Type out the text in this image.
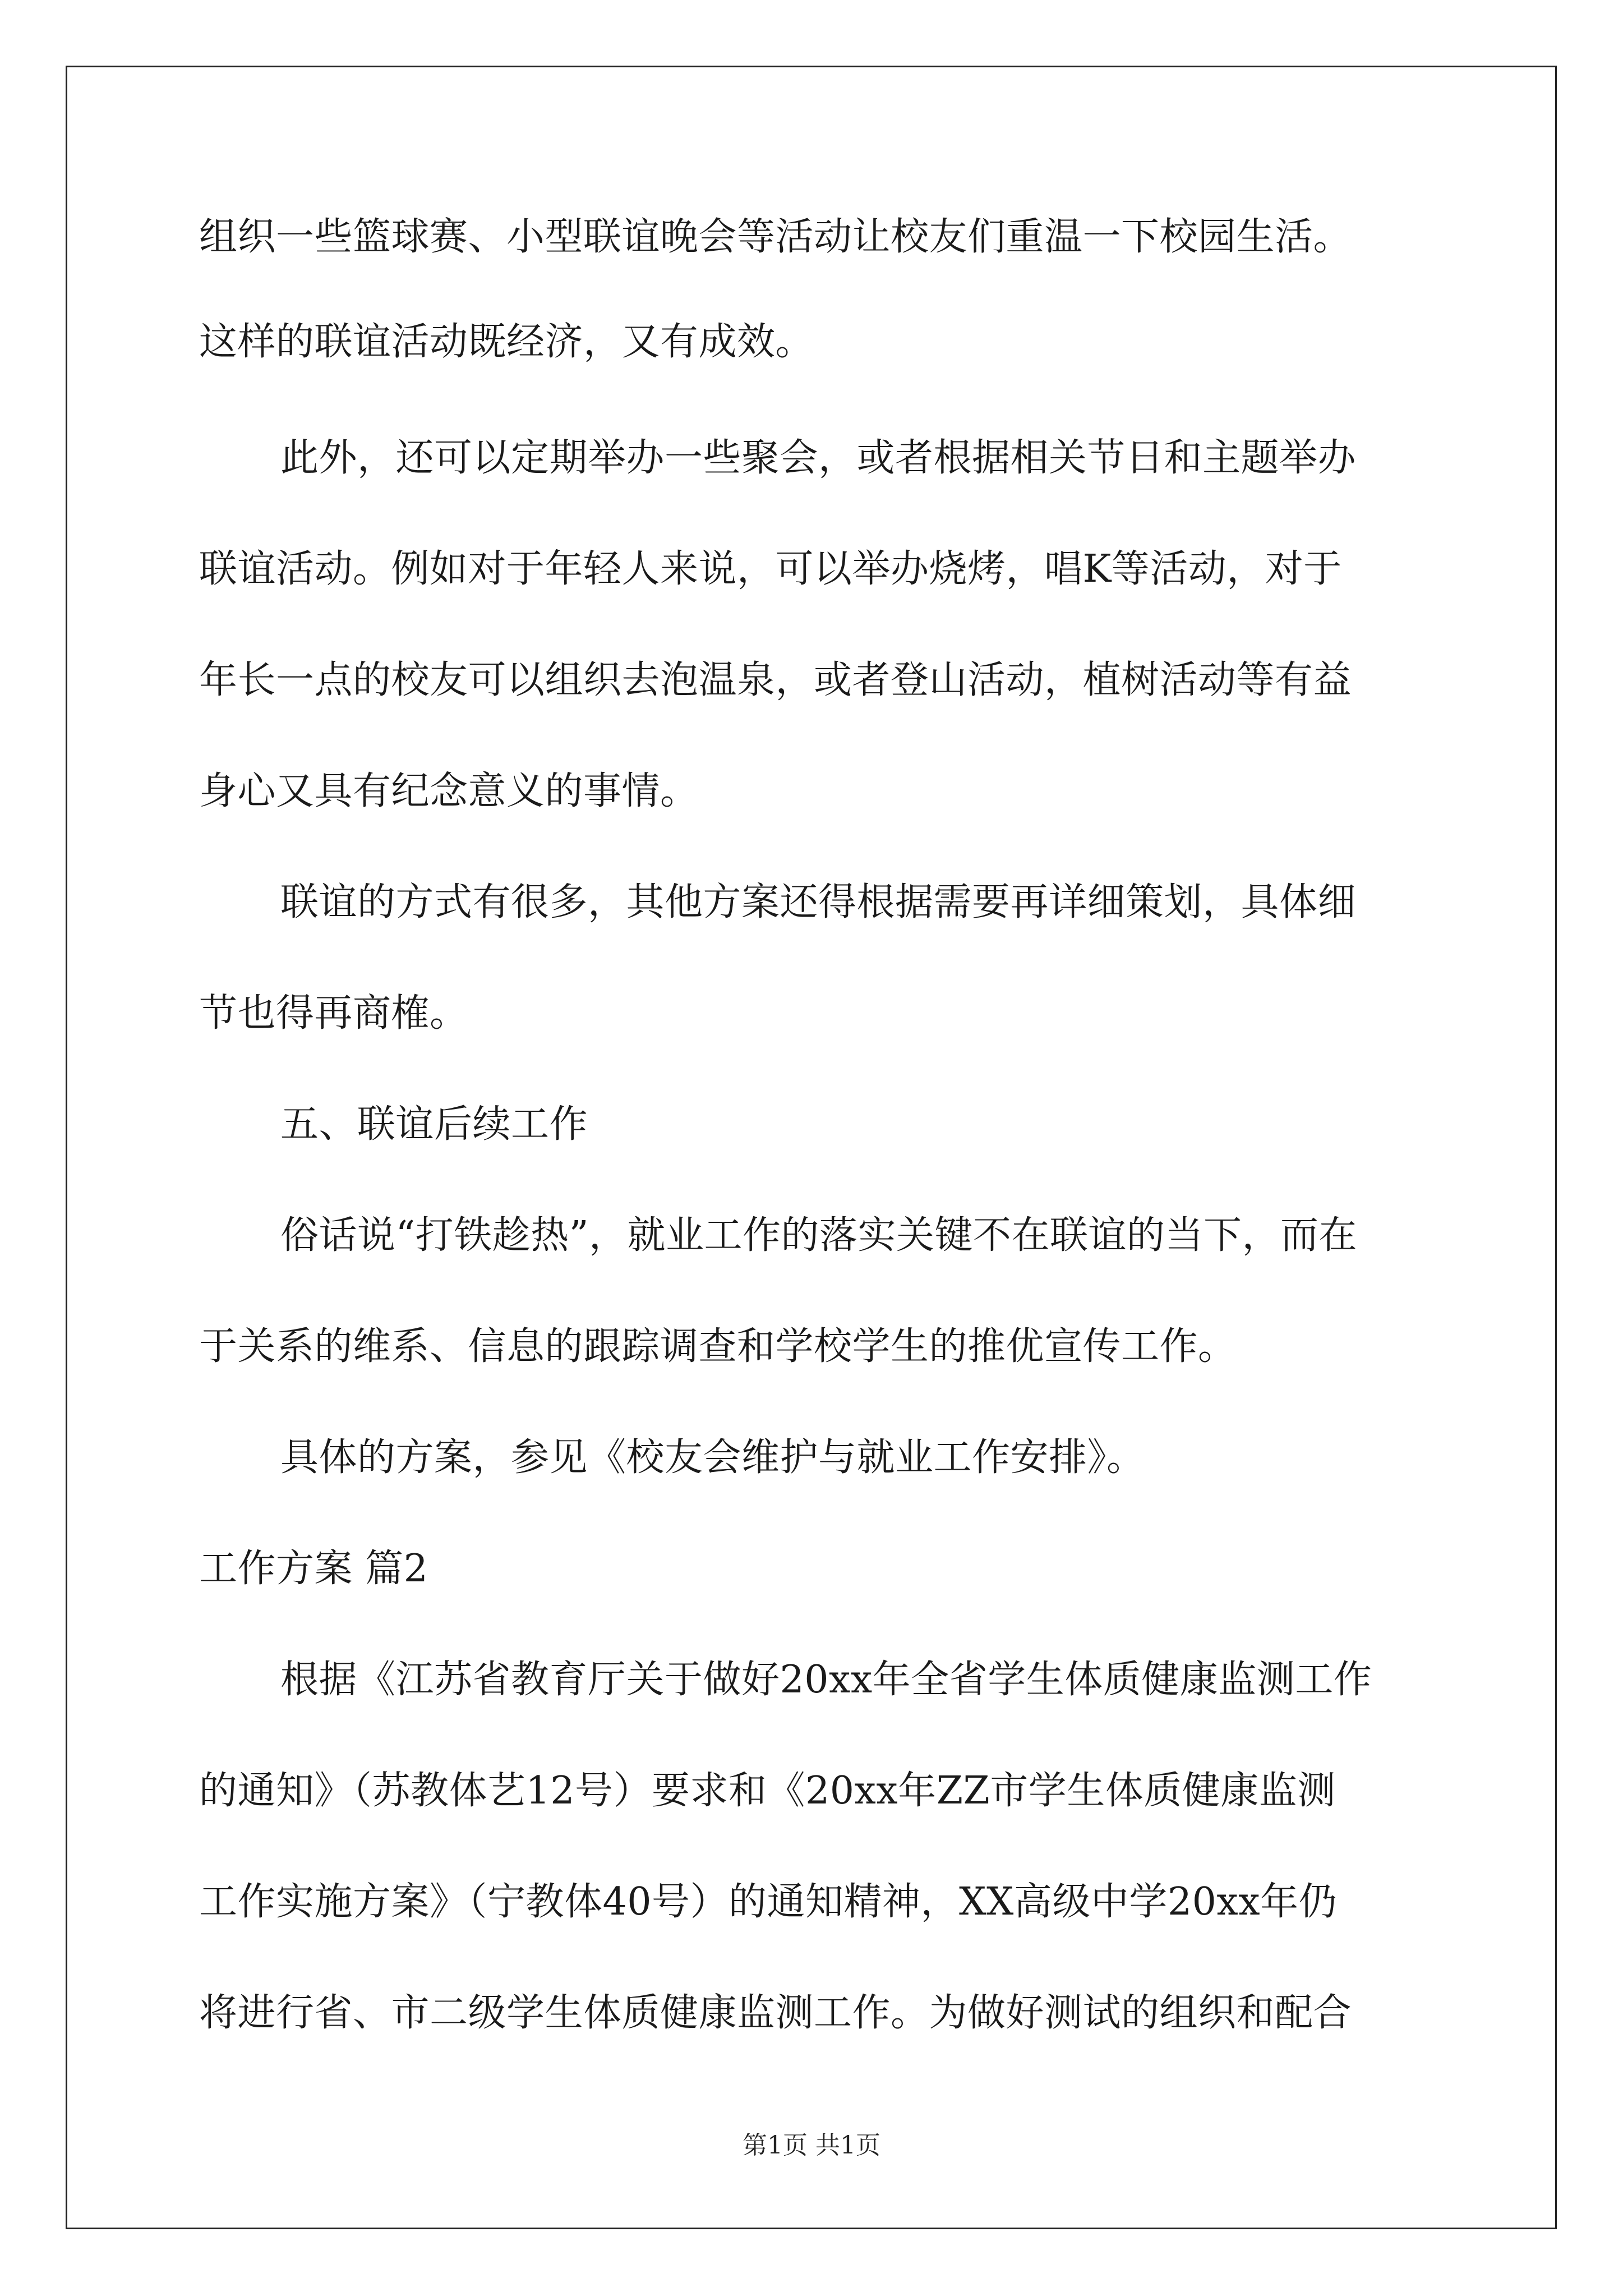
组织一些篮球赛、小型联谊晚会等活动让校友们重温一下校园生活。
这样的联谊活动既经济，又有成效。
此外，还可以定期举办一些聚会，或者根据相关节日和主题举办
联谊活动。例如对于年轻人来说，可以举办烧烤，唱K等活动，对于
年长一点的校友可以组织去泡温泉，或者登山活动，植树活动等有益
身心又具有纪念意义的事情。
联谊的方式有很多，其他方案还得根据需要再详细策划，具体细
节也得再商榷。
五、联谊后续工作
俗话说“打铁趁热”，就业工作的落实关键不在联谊的当下，而在
于关系的维系、信息的跟踪调查和学校学生的推优宣传工作。
具体的方案，参见《校友会维护与就业工作安排》。
工作方案 篇2
根据《江苏省教育厅关于做好20xx年全省学生体质健康监测工作
的通知》（苏教体艺12号）要求和《20xx年ZZ市学生体质健康监测
工作实施方案》（宁教体40号）的通知精神，XX高级中学20xx年仍
将进行省、市二级学生体质健康监测工作。为做好测试的组织和配合
第1页 共1页
